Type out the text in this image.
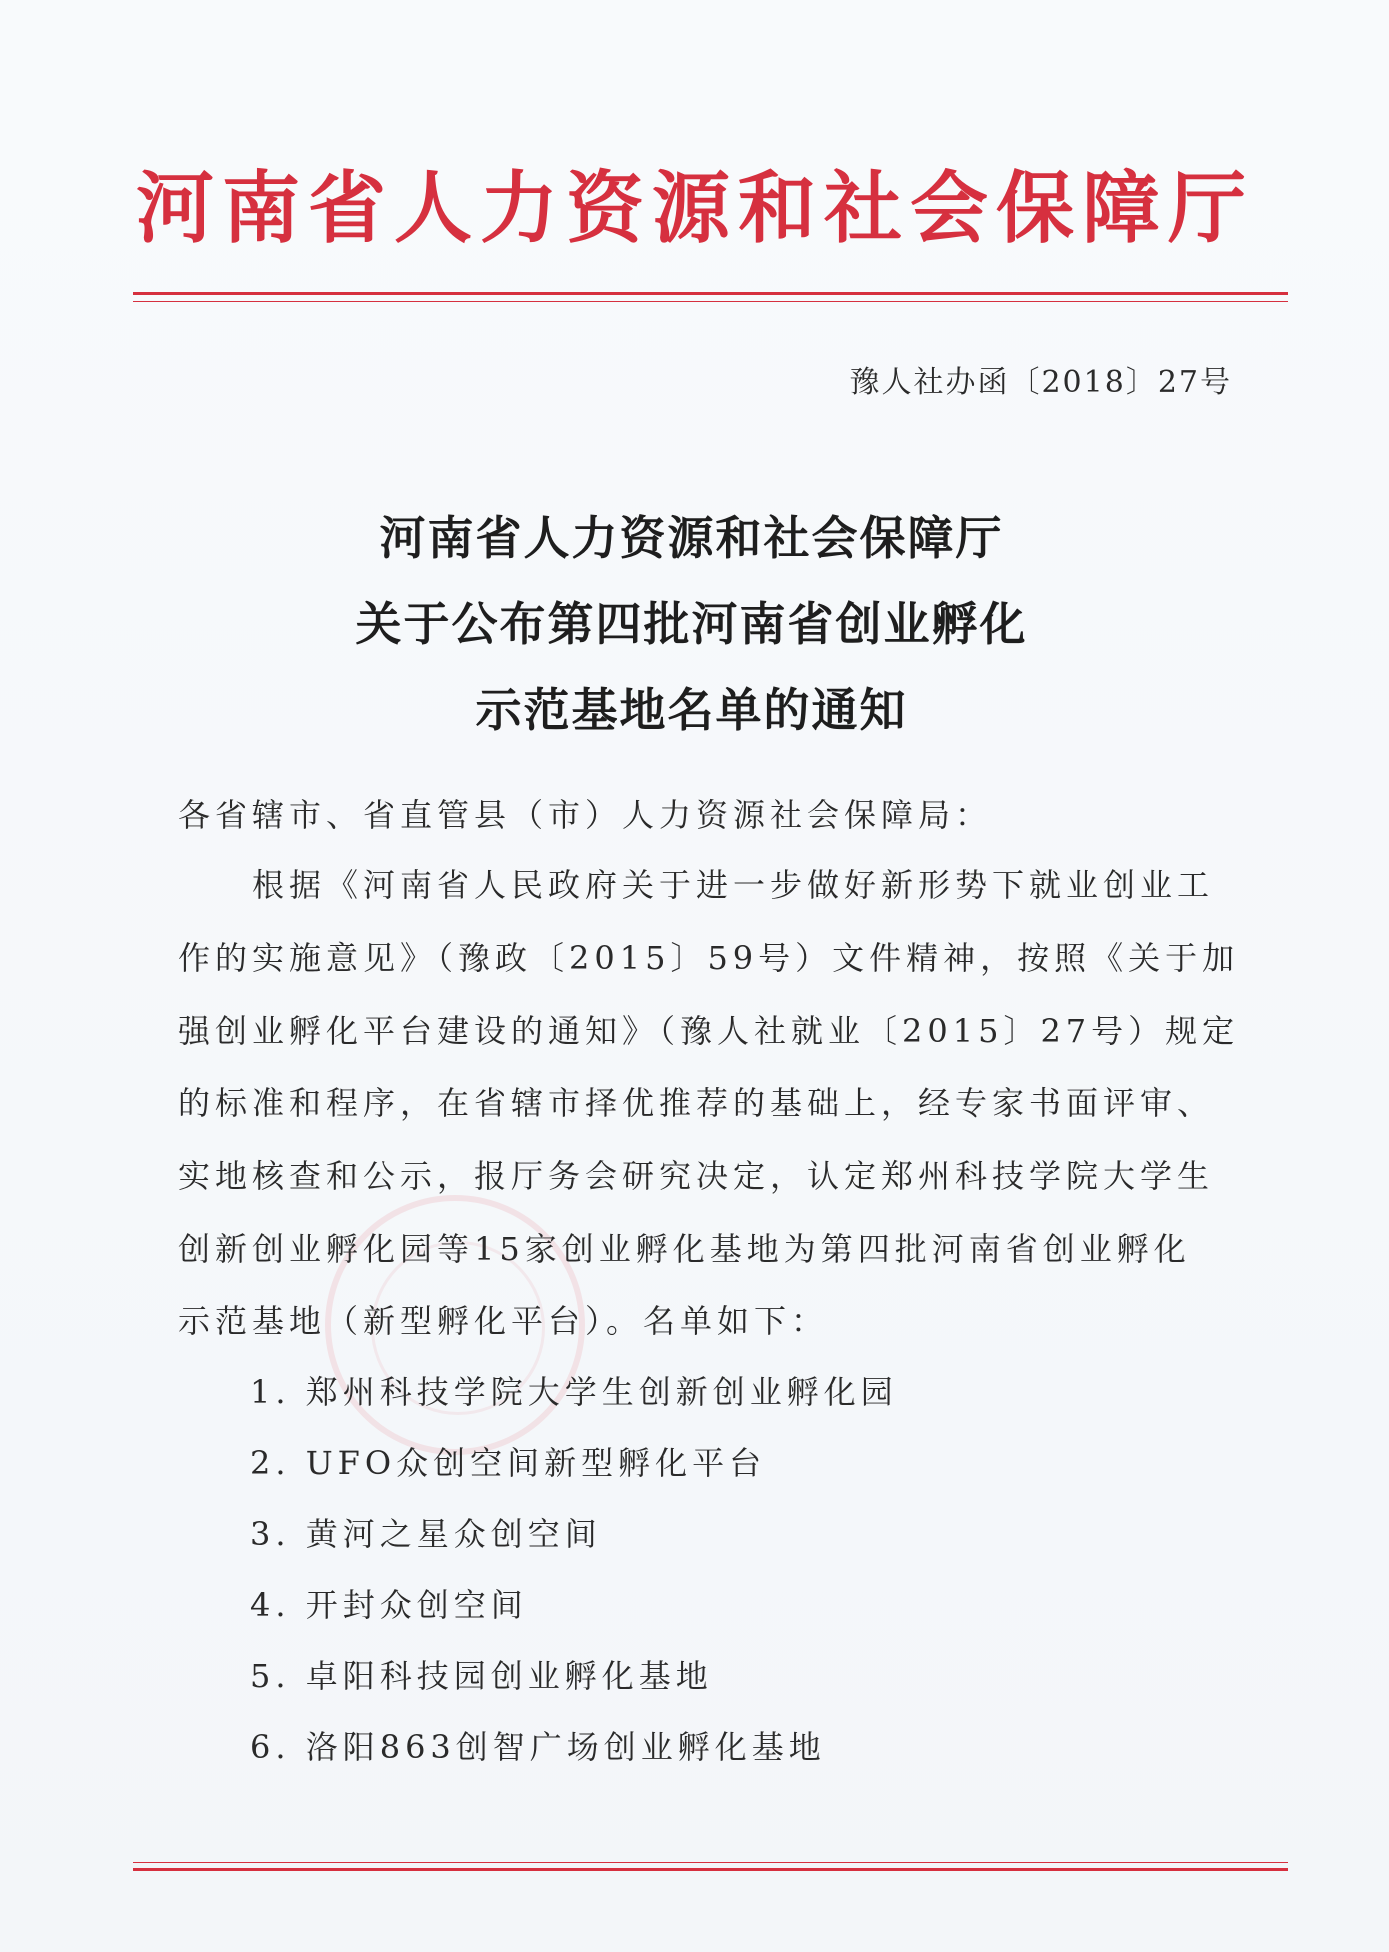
河南省人力资源和社会保障厅
豫人社办函〔2018〕27号
河南省人力资源和社会保障厅
关于公布第四批河南省创业孵化
示范基地名单的通知
各省辖市、省直管县（市）人力资源社会保障局：
　　根据《河南省人民政府关于进一步做好新形势下就业创业工
作的实施意见》（豫政〔2015〕59号）文件精神，按照《关于加
强创业孵化平台建设的通知》（豫人社就业〔2015〕27号）规定
的标准和程序，在省辖市择优推荐的基础上，经专家书面评审、
实地核查和公示，报厅务会研究决定，认定郑州科技学院大学生
创新创业孵化园等15家创业孵化基地为第四批河南省创业孵化
示范基地（新型孵化平台）。名单如下：
1. 郑州科技学院大学生创新创业孵化园
2. UFO众创空间新型孵化平台
3. 黄河之星众创空间
4. 开封众创空间
5. 卓阳科技园创业孵化基地
6. 洛阳863创智广场创业孵化基地
